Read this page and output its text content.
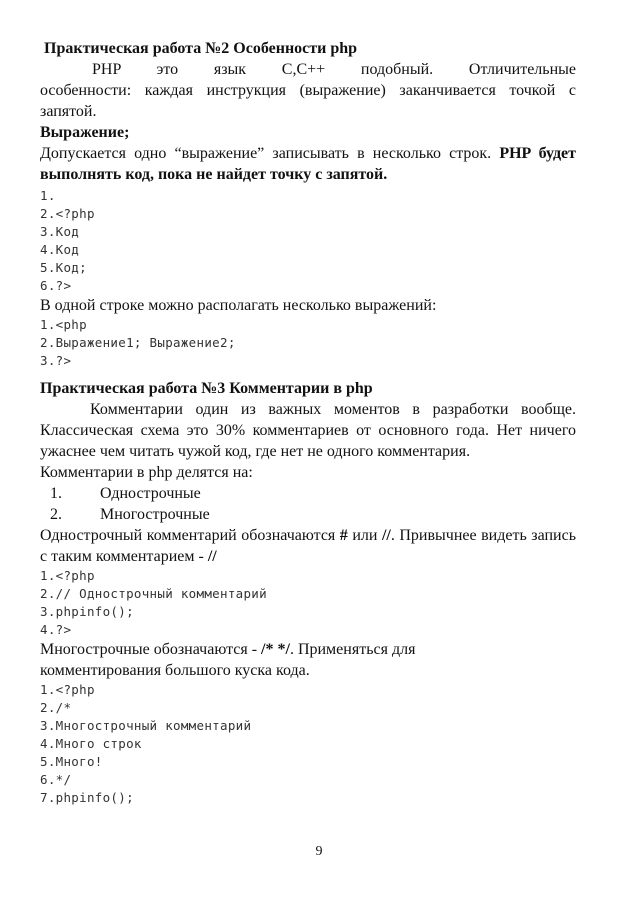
Практическая работа №2 Особенности php
PHP это язык C,C++ подобный. Отличительные
особенности: каждая инструкция (выражение) заканчивается точкой с запятой.
Выражение;
Допускается одно “выражение” записывать в несколько строк. PHP будет выполнять код, пока не найдет точку с запятой.
1.
2.<?php
3.Код
4.Код
5.Код;
6.?>
В одной строке можно располагать несколько выражений:
1.<php
2.Выражение1; Выражение2;
3.?>
Практическая работа №3 Комментарии в php
Комментарии один из важных моментов в разработки вообще. Классическая схема это 30% комментариев от основного года. Нет ничего ужаснее чем читать чужой код, где нет не одного комментария.
Комментарии в php делятся на:
1.	Однострочные
2.	Многострочные
Однострочный комментарий обозначаются # или //. Привычнее видеть запись с таким комментарием - //
1.<?php
2.// Однострочный комментарий
3.phpinfo();
4.?>
Многострочные обозначаются - /* */. Применяться для комментирования большого куска кода.
1.<?php
2./*
3.Многострочный комментарий
4.Много строк
5.Много!
6.*/
7.phpinfo();
9
